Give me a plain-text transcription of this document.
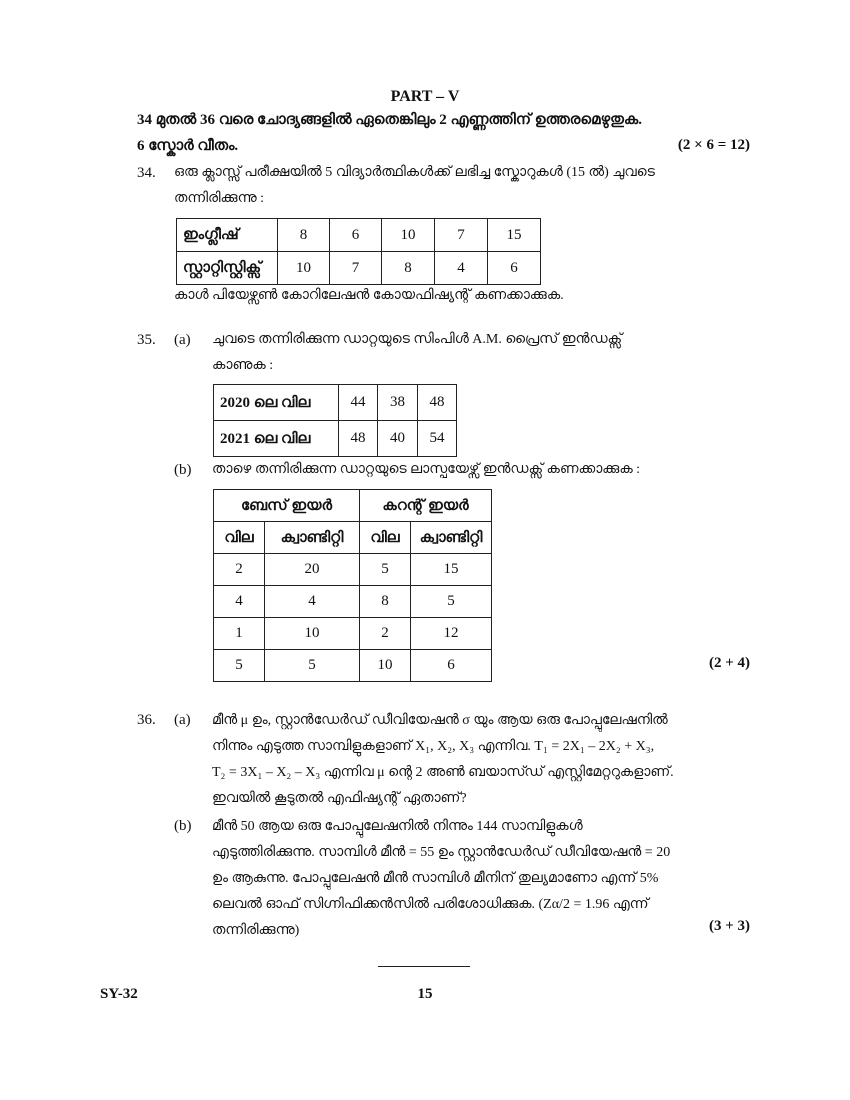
PART – V
34 മുതൽ 36 വരെ ചോദ്യങ്ങളിൽ ഏതെങ്കിലും 2 എണ്ണത്തിന് ഉത്തരമെഴുതുക.
6 സ്കോർ വീതം.	(2 × 6 = 12)
34. ഒരു ക്ലാസ്സ് പരീക്ഷയിൽ 5 വിദ്യാർത്ഥികൾക്ക് ലഭിച്ച സ്കോറുകൾ (15 ൽ) ചുവടെ
തന്നിരിക്കുന്നു :
ഇംഗ്ലീഷ്	8	6	10	7	15
സ്റ്റാറ്റിസ്റ്റിക്സ്	10	7	8	4	6
കാൾ പിയേഴ്സൺ കോറിലേഷൻ കോയഫിഷ്യന്റ് കണക്കാക്കുക.
35. (a) ചുവടെ തന്നിരിക്കുന്ന ഡാറ്റയുടെ സിംപിൾ A.M. പ്രൈസ് ഇൻഡക്സ്
കാണുക :
2020 ലെ വില	44	38	48
2021 ലെ വില	48	40	54
(b) താഴെ തന്നിരിക്കുന്ന ഡാറ്റയുടെ ലാസ്പയേഴ്സ് ഇൻഡക്സ് കണക്കാക്കുക :
ബേസ് ഇയർ		കറന്റ് ഇയർ	
വില	ക്വാണ്ടിറ്റി	വില	ക്വാണ്ടിറ്റി
2	20	5	15
4	4	8	5
1	10	2	12
5	5	10	6	(2 + 4)
36. (a) മീൻ μ ഉം, സ്റ്റാൻഡേർഡ് ഡീവിയേഷൻ σ യും ആയ ഒരു പോപ്പുലേഷനിൽ
നിന്നും എടുത്ത സാമ്പിളുകളാണ് X₁, X₂, X₃ എന്നിവ. T₁ = 2X₁ – 2X₂ + X₃,
T₂ = 3X₁ – X₂ – X₃ എന്നിവ μ ന്റെ 2 അൺ ബയാസ്ഡ് എസ്റ്റിമേറ്ററുകളാണ്.
ഇവയിൽ കൂടുതൽ എഫിഷ്യന്റ് ഏതാണ്?
(b) മീൻ 50 ആയ ഒരു പോപ്പുലേഷനിൽ നിന്നും 144 സാമ്പിളുകൾ
എടുത്തിരിക്കുന്നു. സാമ്പിൾ മീൻ = 55 ഉം സ്റ്റാൻഡേർഡ് ഡീവിയേഷൻ = 20
ഉം ആകുന്നു. പോപ്പുലേഷൻ മീൻ സാമ്പിൾ മീനിന് തുല്യമാണോ എന്ന് 5%
ലെവൽ ഓഫ് സിഗ്നിഫിക്കൻസിൽ പരിശോധിക്കുക. (Zα/2 = 1.96 എന്ന്
തന്നിരിക്കുന്നു)	(3 + 3)
SY-32	15
